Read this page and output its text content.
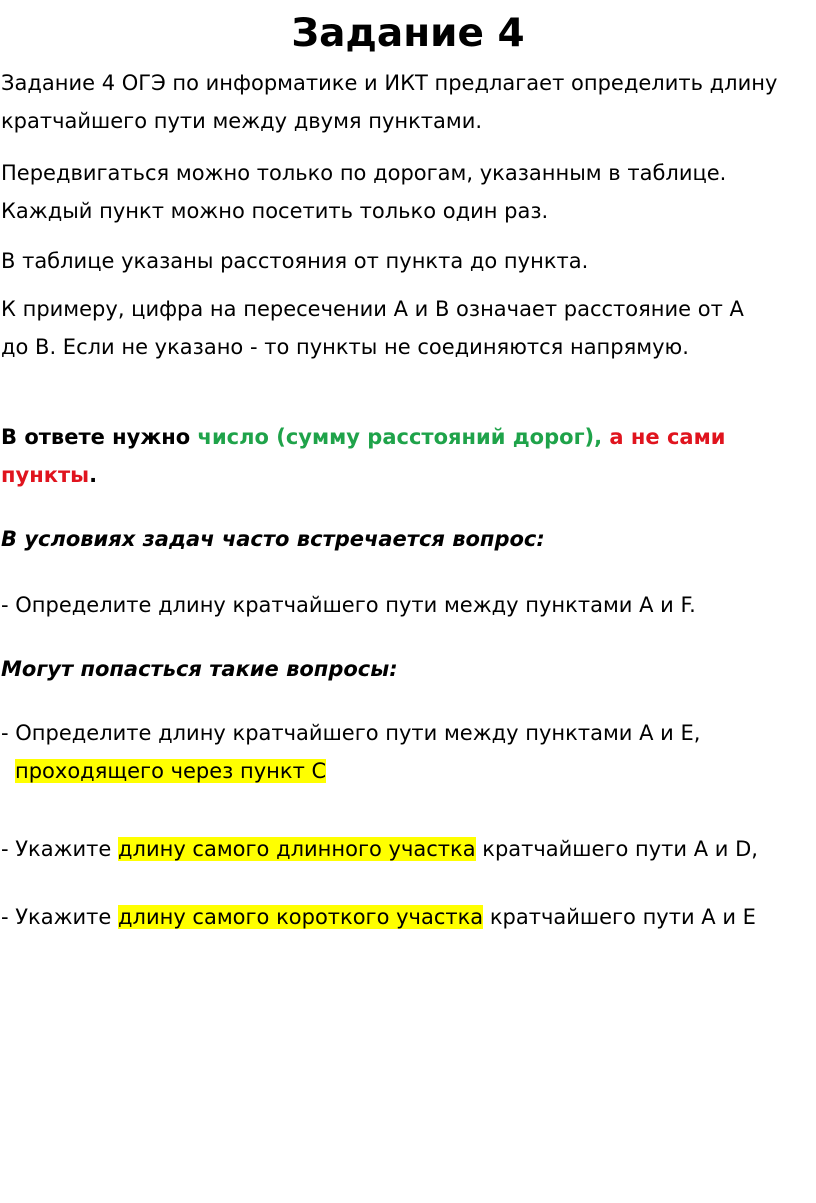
Задание 4

Задание 4 ОГЭ по информатике и ИКТ предлагает определить длину
кратчайшего пути между двумя пунктами.

Передвигаться можно только по дорогам, указанным в таблице.
Каждый пункт можно посетить только один раз.

В таблице указаны расстояния от пункта до пункта.

К примеру, цифра на пересечении A и B означает расстояние от A
до B. Если не указано - то пункты не соединяются напрямую.

В ответе нужно число (сумму расстояний дорог), а не сами
пункты.

В условиях задач часто встречается вопрос:

- Определите длину кратчайшего пути между пунктами A и F.

Могут попасться такие вопросы:

- Определите длину кратчайшего пути между пунктами A и E,
проходящего через пункт С

- Укажите длину самого длинного участка кратчайшего пути A и D,

- Укажите длину самого короткого участка кратчайшего пути A и E
